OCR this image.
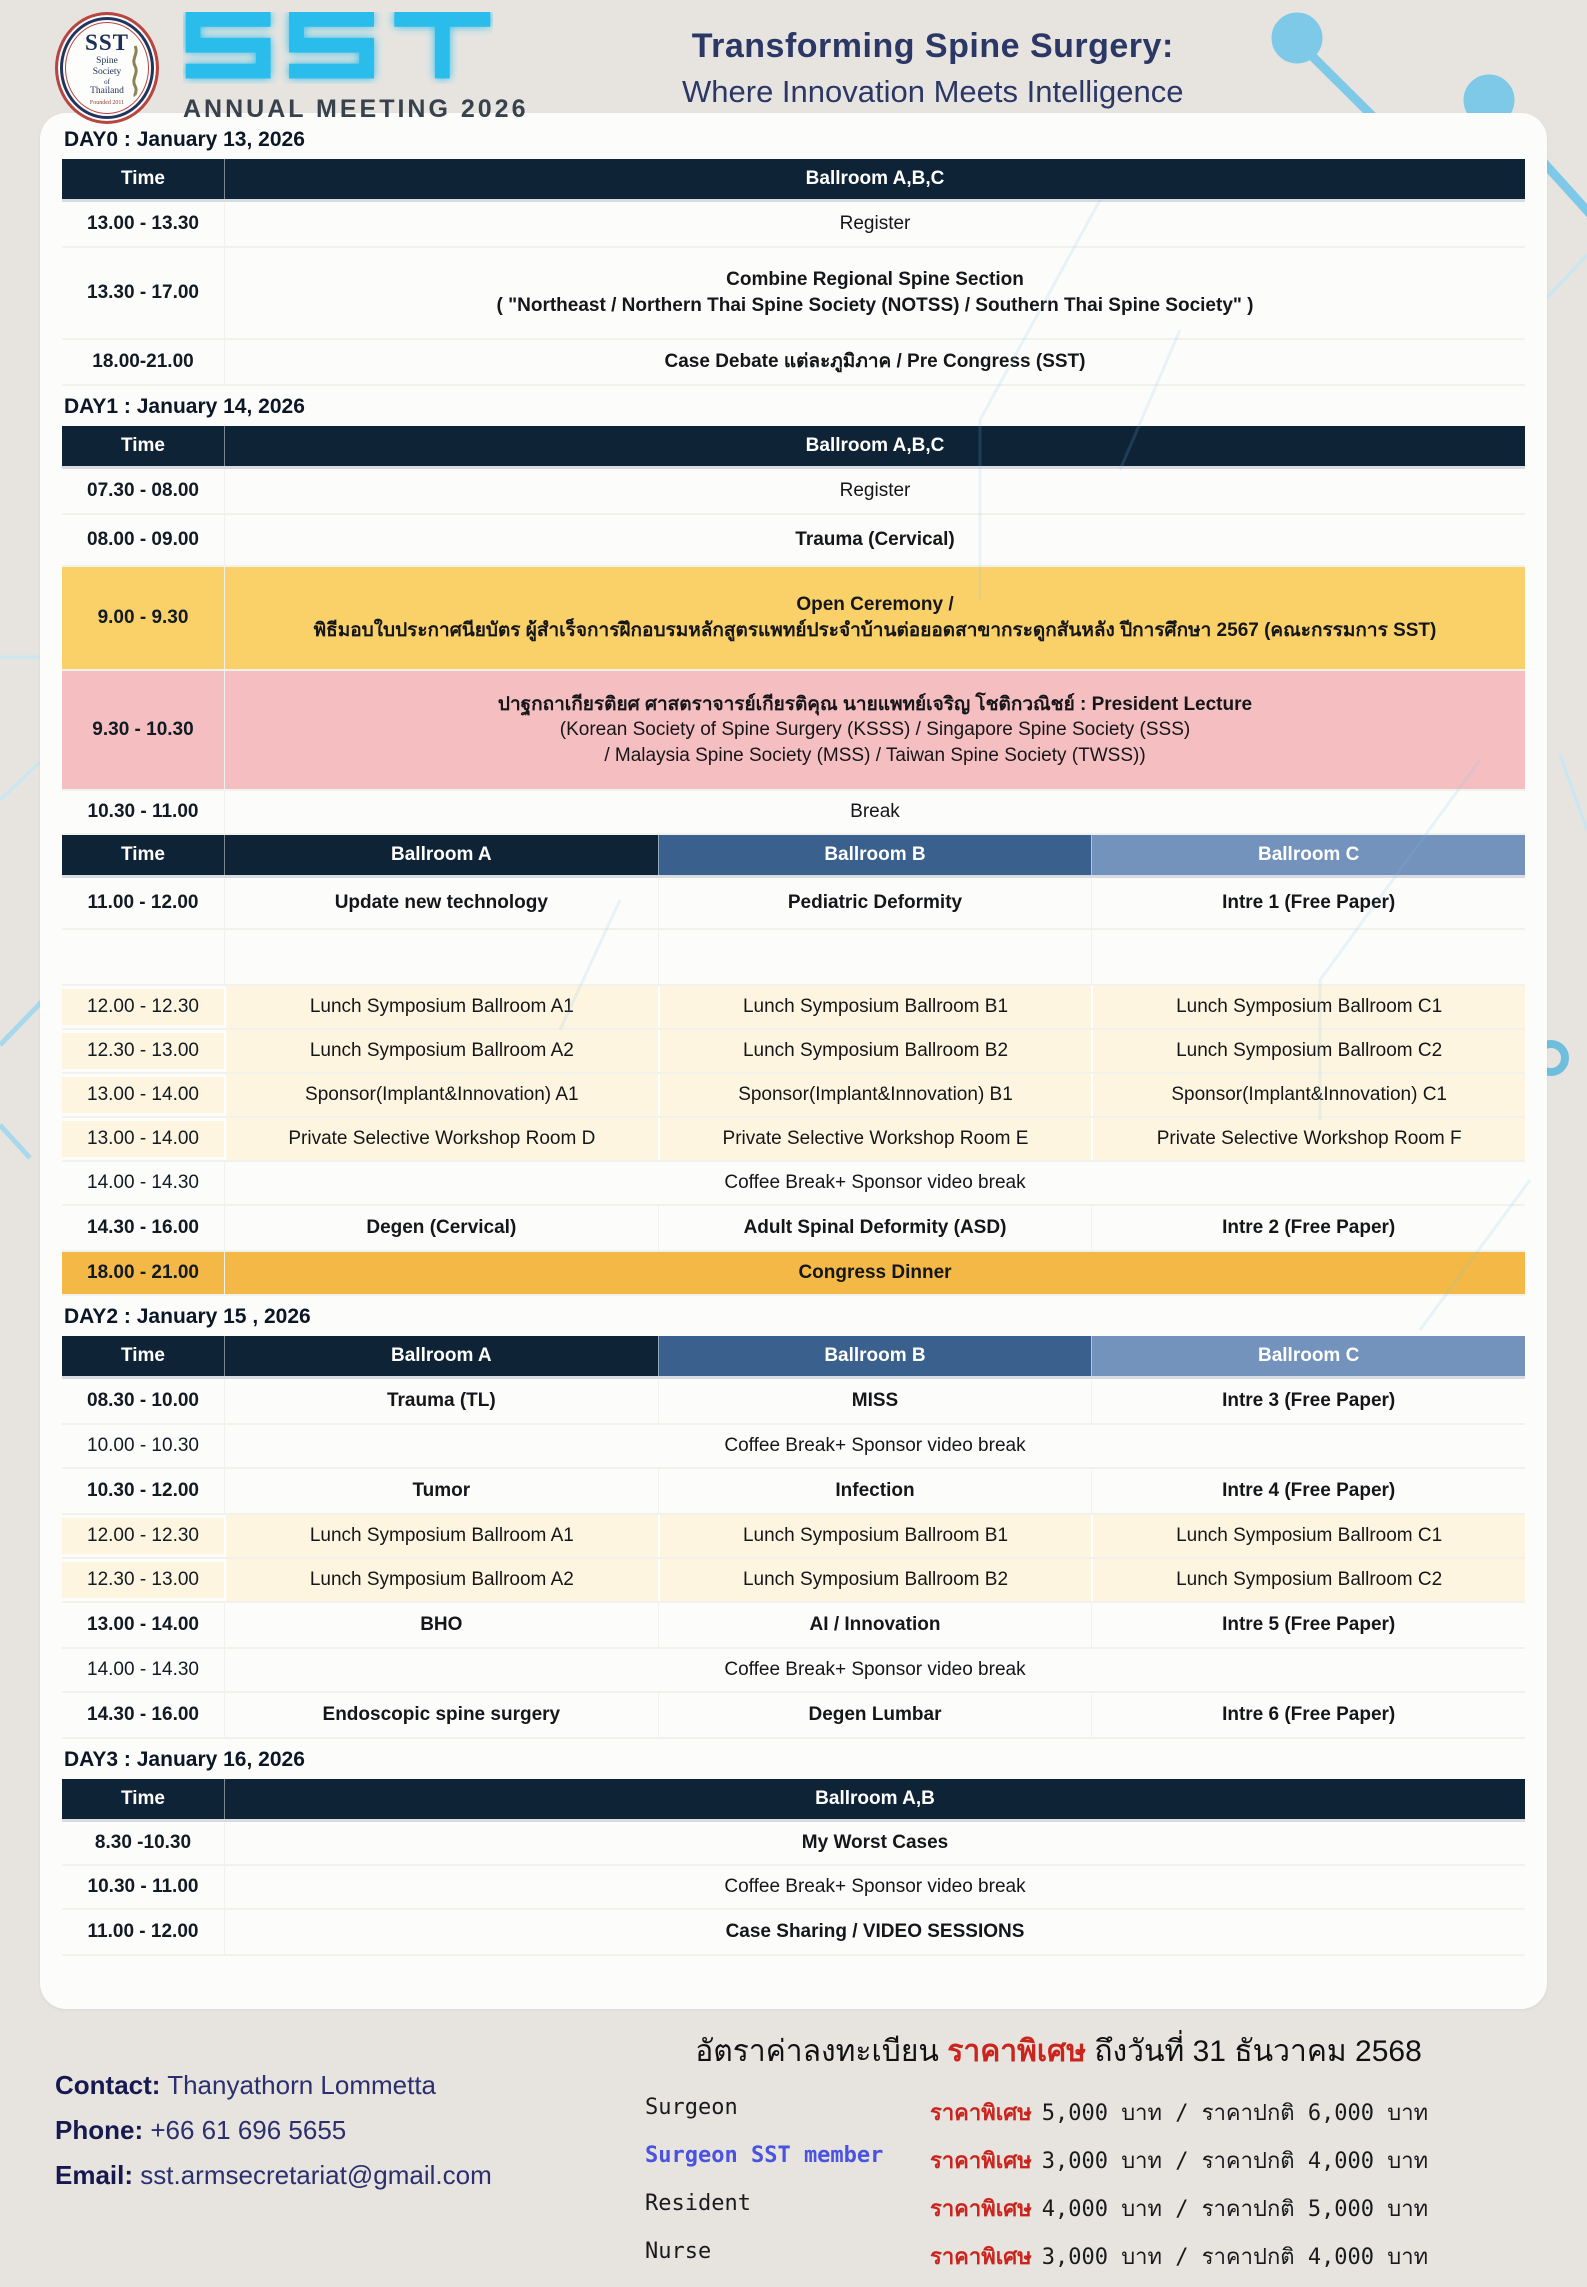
SST
Spine
Society
of
Thailand
Founded 2011 ANNUAL MEETING 2026
Transforming Spine Surgery:
Where Innovation Meets Intelligence
DAY0 : January 13, 2026
Time	Ballroom A,B,C
13.00 - 13.30	Register
13.30 - 17.00
Combine Regional Spine Section
( "Northeast / Northern Thai Spine Society (NOTSS) / Southern Thai Spine Society" )
18.00-21.00	Case Debate แต่ละภูมิภาค / Pre Congress (SST)
DAY1 : January 14, 2026
Time	Ballroom A,B,C
07.30 - 08.00	Register
08.00 - 09.00	Trauma (Cervical)
9.00 - 9.30
Open Ceremony /
พิธีมอบใบประกาศนียบัตร ผู้สำเร็จการฝึกอบรมหลักสูตรแพทย์ประจำบ้านต่อยอดสาขากระดูกสันหลัง ปีการศึกษา 2567 (คณะกรรมการ SST)
9.30 - 10.30
ปาฐกถาเกียรติยศ ศาสตราจารย์เกียรติคุณ นายแพทย์เจริญ โชติกวณิชย์ : President Lecture
(Korean Society of Spine Surgery (KSSS) / Singapore Spine Society (SSS)
/ Malaysia Spine Society (MSS) / Taiwan Spine Society (TWSS))
10.30 - 11.00	Break
Time	Ballroom A	Ballroom B	Ballroom C
11.00 - 12.00	Update new technology	Pediatric Deformity	Intre 1 (Free Paper)
12.00 - 12.30	Lunch Symposium Ballroom A1	Lunch Symposium Ballroom B1	Lunch Symposium Ballroom C1
12.30 - 13.00	Lunch Symposium Ballroom A2	Lunch Symposium Ballroom B2	Lunch Symposium Ballroom C2
13.00 - 14.00	Sponsor(Implant&Innovation) A1	Sponsor(Implant&Innovation) B1	Sponsor(Implant&Innovation) C1
13.00 - 14.00	Private Selective Workshop Room D	Private Selective Workshop Room E	Private Selective Workshop Room F
14.00 - 14.30	Coffee Break+ Sponsor video break
14.30 - 16.00	Degen (Cervical)	Adult Spinal Deformity (ASD)	Intre 2 (Free Paper)
18.00 - 21.00	Congress Dinner
DAY2 : January 15 , 2026
Time	Ballroom A	Ballroom B	Ballroom C
08.30 - 10.00	Trauma (TL)	MISS	Intre 3 (Free Paper)
10.00 - 10.30	Coffee Break+ Sponsor video break
10.30 - 12.00	Tumor	Infection	Intre 4 (Free Paper)
12.00 - 12.30	Lunch Symposium Ballroom A1	Lunch Symposium Ballroom B1	Lunch Symposium Ballroom C1
12.30 - 13.00	Lunch Symposium Ballroom A2	Lunch Symposium Ballroom B2	Lunch Symposium Ballroom C2
13.00 - 14.00	BHO	AI / Innovation	Intre 5 (Free Paper)
14.00 - 14.30	Coffee Break+ Sponsor video break
14.30 - 16.00	Endoscopic spine surgery	Degen Lumbar	Intre 6 (Free Paper)
DAY3 : January 16, 2026
Time	Ballroom A,B
8.30 -10.30	My Worst Cases
10.30 - 11.00	Coffee Break+ Sponsor video break
11.00 - 12.00	Case Sharing / VIDEO SESSIONS
Contact: Thanyathorn Lommetta
Phone: +66 61 696 5655
Email: sst.armsecretariat@gmail.com
อัตราค่าลงทะเบียน ราคาพิเศษ ถึงวันที่ 31 ธันวาคม 2568
Surgeon	ราคาพิเศษ 5,000 บาท / ราคาปกติ 6,000 บาท
Surgeon SST member	ราคาพิเศษ 3,000 บาท / ราคาปกติ 4,000 บาท
Resident	ราคาพิเศษ 4,000 บาท / ราคาปกติ 5,000 บาท
Nurse	ราคาพิเศษ 3,000 บาท / ราคาปกติ 4,000 บาท
